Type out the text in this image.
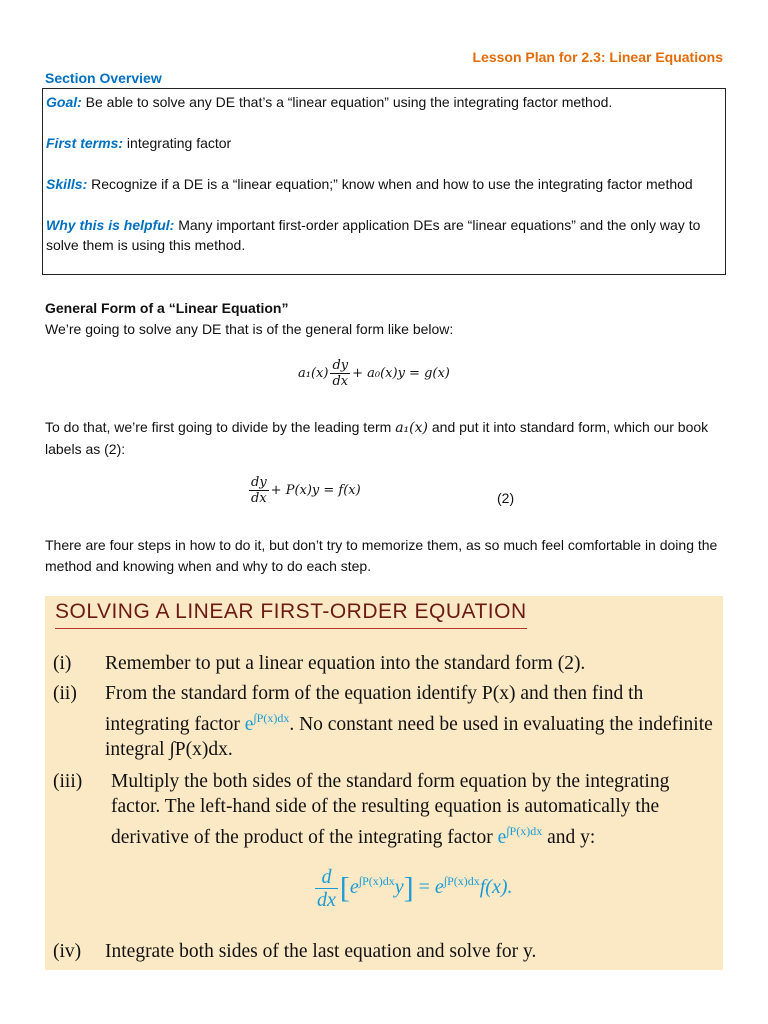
Lesson Plan for 2.3: Linear Equations
Section Overview

Goal: Be able to solve any DE that’s a “linear equation” using the integrating factor method.

First terms: integrating factor

Skills: Recognize if a DE is a “linear equation;” know when and how to use the integrating factor method

Why this is helpful: Many important first-order application DEs are “linear equations” and the only way to solve them is using this method.

General Form of a “Linear Equation”
We’re going to solve any DE that is of the general form like below:
$a_1(x) \frac{dy}{dx} + a_0(x)y = g(x)$
To do that, we’re first going to divide by the leading term a₁(x) and put it into standard form, which our book labels as (2):
$\frac{dy}{dx} + P(x)y = f(x)$	(2)
There are four steps in how to do it, but don’t try to memorize them, as so much feel comfortable in doing the method and knowing when and why to do each step.
SOLVING A LINEAR FIRST-ORDER EQUATION
(i) Remember to put a linear equation into the standard form (2).
(ii) From the standard form of the equation identify P(x) and then find th integrating factor $e^{\int P(x)dx}$. No constant need be used in evaluating the indefinite integral ∫P(x)dx.
(iii) Multiply the both sides of the standard form equation by the integrating factor. The left-hand side of the resulting equation is automatically the derivative of the product of the integrating factor $e^{\int P(x)dx}$ and y:
$\frac{d}{dx} [e^{\int P(x)dx}y] = e^{\int P(x)dx}f(x)$.
(iv) Integrate both sides of the last equation and solve for y.
